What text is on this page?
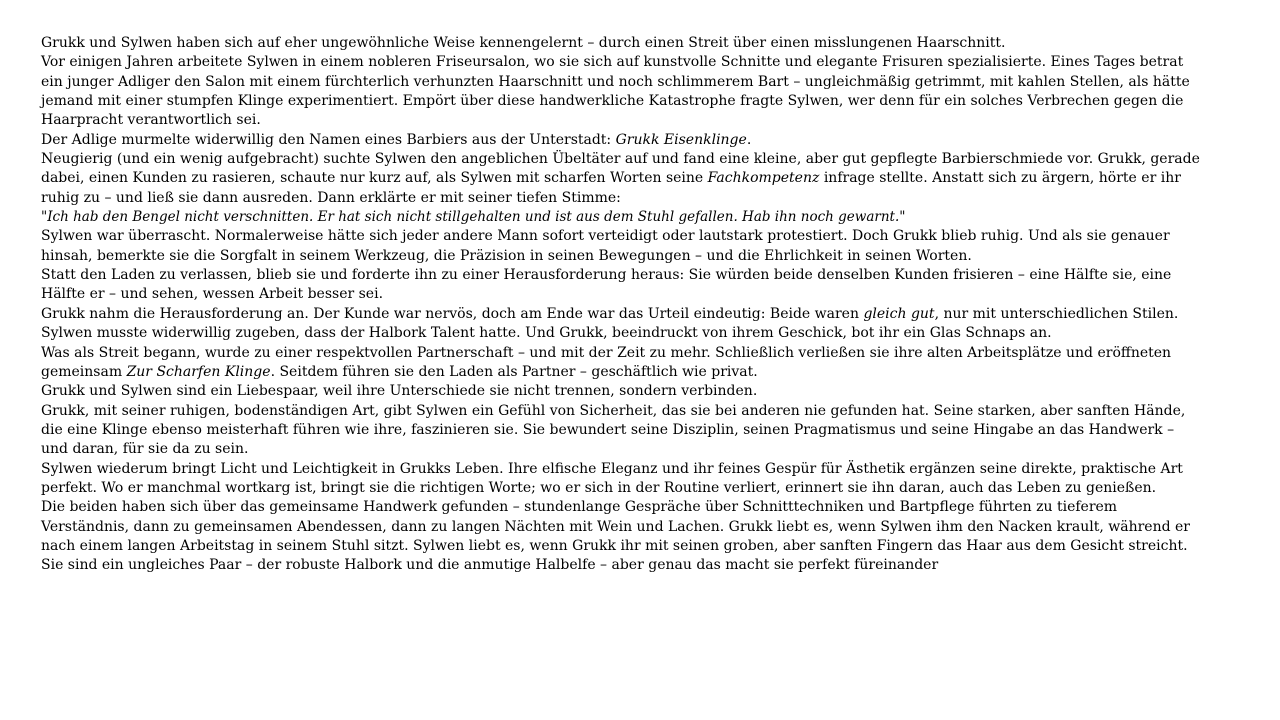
Grukk und Sylwen haben sich auf eher ungewöhnliche Weise kennengelernt – durch einen Streit über einen misslungenen Haarschnitt.

Vor einigen Jahren arbeitete Sylwen in einem nobleren Friseursalon, wo sie sich auf kunstvolle Schnitte und elegante Frisuren spezialisierte. Eines Tages betrat ein junger Adliger den Salon mit einem fürchterlich verhunzten Haarschnitt und noch schlimmerem Bart – ungleichmäßig getrimmt, mit kahlen Stellen, als hätte jemand mit einer stumpfen Klinge experimentiert. Empört über diese handwerkliche Katastrophe fragte Sylwen, wer denn für ein solches Verbrechen gegen die Haarpracht verantwortlich sei.

Der Adlige murmelte widerwillig den Namen eines Barbiers aus der Unterstadt: Grukk Eisenklinge.

Neugierig (und ein wenig aufgebracht) suchte Sylwen den angeblichen Übeltäter auf und fand eine kleine, aber gut gepflegte Barbierschmiede vor. Grukk, gerade dabei, einen Kunden zu rasieren, schaute nur kurz auf, als Sylwen mit scharfen Worten seine Fachkompetenz infrage stellte. Anstatt sich zu ärgern, hörte er ihr ruhig zu – und ließ sie dann ausreden. Dann erklärte er mit seiner tiefen Stimme:

"Ich hab den Bengel nicht verschnitten. Er hat sich nicht stillgehalten und ist aus dem Stuhl gefallen. Hab ihn noch gewarnt."

Sylwen war überrascht. Normalerweise hätte sich jeder andere Mann sofort verteidigt oder lautstark protestiert. Doch Grukk blieb ruhig. Und als sie genauer hinsah, bemerkte sie die Sorgfalt in seinem Werkzeug, die Präzision in seinen Bewegungen – und die Ehrlichkeit in seinen Worten.

Statt den Laden zu verlassen, blieb sie und forderte ihn zu einer Herausforderung heraus: Sie würden beide denselben Kunden frisieren – eine Hälfte sie, eine Hälfte er – und sehen, wessen Arbeit besser sei.

Grukk nahm die Herausforderung an. Der Kunde war nervös, doch am Ende war das Urteil eindeutig: Beide waren gleich gut, nur mit unterschiedlichen Stilen. Sylwen musste widerwillig zugeben, dass der Halbork Talent hatte. Und Grukk, beeindruckt von ihrem Geschick, bot ihr ein Glas Schnaps an.

Was als Streit begann, wurde zu einer respektvollen Partnerschaft – und mit der Zeit zu mehr. Schließlich verließen sie ihre alten Arbeitsplätze und eröffneten gemeinsam Zur Scharfen Klinge. Seitdem führen sie den Laden als Partner – geschäftlich wie privat.

Grukk und Sylwen sind ein Liebespaar, weil ihre Unterschiede sie nicht trennen, sondern verbinden.

Grukk, mit seiner ruhigen, bodenständigen Art, gibt Sylwen ein Gefühl von Sicherheit, das sie bei anderen nie gefunden hat. Seine starken, aber sanften Hände, die eine Klinge ebenso meisterhaft führen wie ihre, faszinieren sie. Sie bewundert seine Disziplin, seinen Pragmatismus und seine Hingabe an das Handwerk – und daran, für sie da zu sein.

Sylwen wiederum bringt Licht und Leichtigkeit in Grukks Leben. Ihre elfische Eleganz und ihr feines Gespür für Ästhetik ergänzen seine direkte, praktische Art perfekt. Wo er manchmal wortkarg ist, bringt sie die richtigen Worte; wo er sich in der Routine verliert, erinnert sie ihn daran, auch das Leben zu genießen.

Die beiden haben sich über das gemeinsame Handwerk gefunden – stundenlange Gespräche über Schnitttechniken und Bartpflege führten zu tieferem Verständnis, dann zu gemeinsamen Abendessen, dann zu langen Nächten mit Wein und Lachen. Grukk liebt es, wenn Sylwen ihm den Nacken krault, während er nach einem langen Arbeitstag in seinem Stuhl sitzt. Sylwen liebt es, wenn Grukk ihr mit seinen groben, aber sanften Fingern das Haar aus dem Gesicht streicht.

Sie sind ein ungleiches Paar – der robuste Halbork und die anmutige Halbelfe – aber genau das macht sie perfekt füreinander
